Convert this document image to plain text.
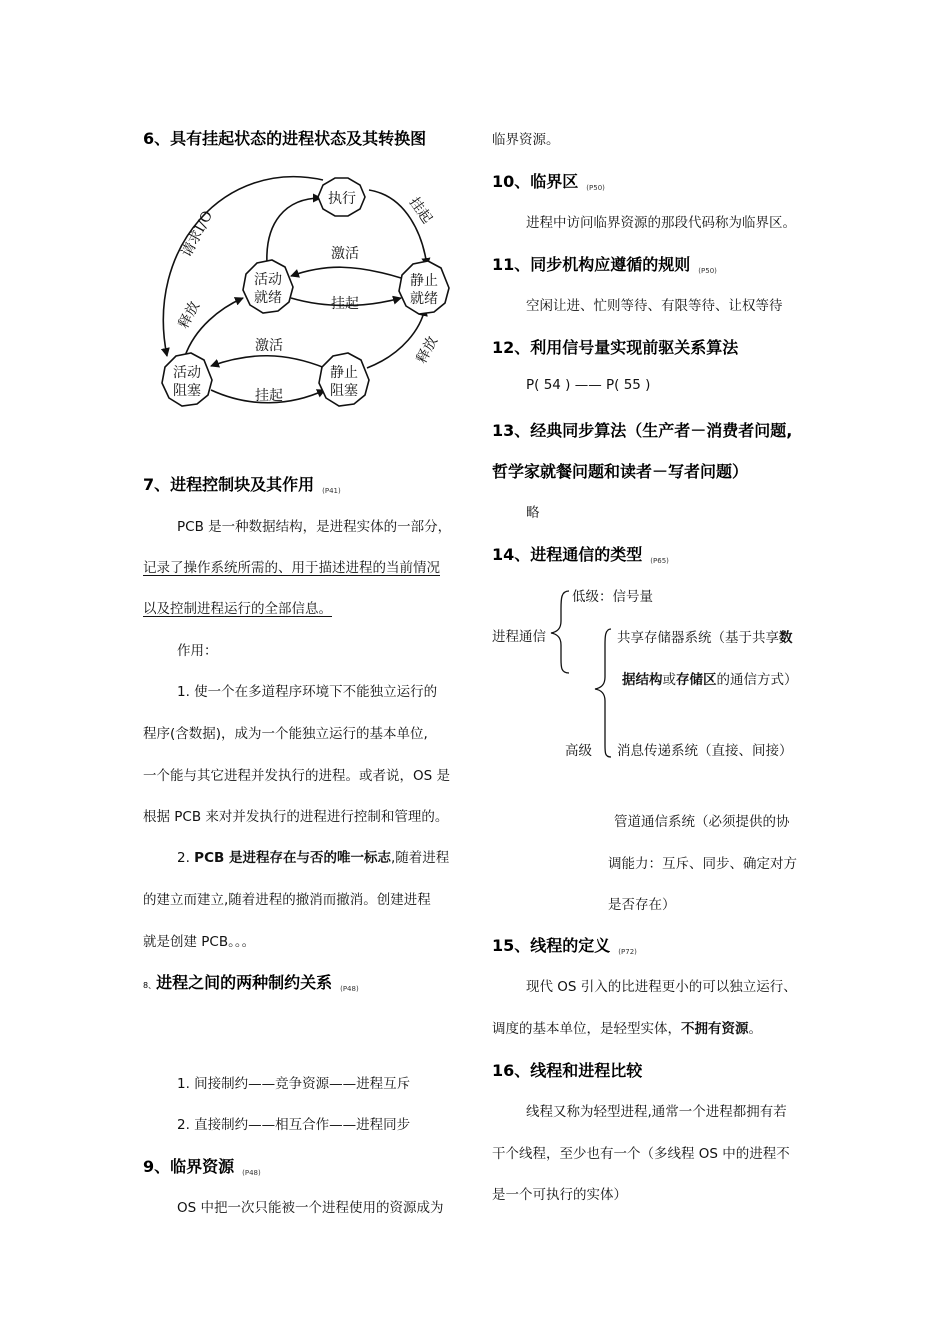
6、具有挂起状态的进程状态及其转换图
执行
活动
就绪
静止
就绪
活动
阻塞
静止
阻塞
激活
挂起
激活
挂起
请求I/O	挂起
释放
释放
7、进程控制块及其作用 (P41)
PCB 是一种数据结构，是进程实体的一部分，
记录了操作系统所需的、用于描述进程的当前情况
以及控制进程运行的全部信息。
作用：
1. 使一个在多道程序环境下不能独立运行的
程序(含数据)，成为一个能独立运行的基本单位,
一个能与其它进程并发执行的进程。或者说，OS 是
根据 PCB 来对并发执行的进程进行控制和管理的。
2. PCB 是进程存在与否的唯一标志,随着进程
的建立而建立,随着进程的撤消而撤消。创建进程
就是创建 PCB。。。
8、进程之间的两种制约关系 (P48)
1. 间接制约——竞争资源——进程互斥
2. 直接制约——相互合作——进程同步
9、临界资源 (P48)
OS 中把一次只能被一个进程使用的资源成为
临界资源。
10、临界区 (P50)
进程中访问临界资源的那段代码称为临界区。
11、同步机构应遵循的规则 (P50)
空闲让进、忙则等待、有限等待、让权等待
12、利用信号量实现前驱关系算法
P( 54 ) —— P( 55 )
13、经典同步算法（生产者－消费者问题,
哲学家就餐问题和读者－写者问题）
略
14、进程通信的类型 (P65)
进程通信
低级：信号量
共享存储器系统（基于共享数
据结构或存储区的通信方式）
高级 消息传递系统（直接、间接）
管道通信系统（必须提供的协
调能力：互斥、同步、确定对方
是否存在）
15、线程的定义 (P72)
现代 OS 引入的比进程更小的可以独立运行、
调度的基本单位，是轻型实体，不拥有资源。
16、线程和进程比较
线程又称为轻型进程,通常一个进程都拥有若
干个线程，至少也有一个（多线程 OS 中的进程不
是一个可执行的实体）
